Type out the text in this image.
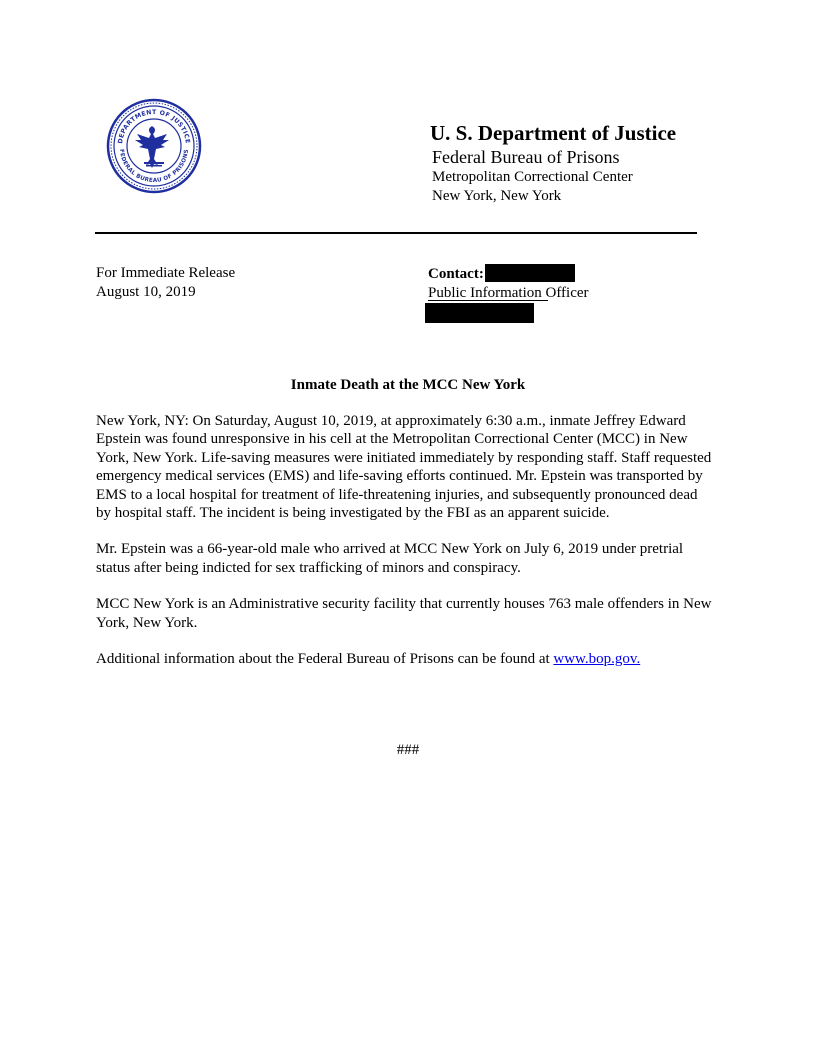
DEPARTMENT OF JUSTICE
FEDERAL BUREAU OF PRISONS
U. S. Department of Justice
Federal Bureau of Prisons
Metropolitan Correctional Center
New York, New York
For Immediate Release
August 10, 2019
Contact:
Public Information Officer
Inmate Death at the MCC New York

New York, NY: On Saturday, August 10, 2019, at approximately 6:30 a.m., inmate Jeffrey Edward Epstein was found unresponsive in his cell at the Metropolitan Correctional Center (MCC) in New York, New York. Life-saving measures were initiated immediately by responding staff. Staff requested emergency medical services (EMS) and life-saving efforts continued. Mr. Epstein was transported by EMS to a local hospital for treatment of life-threatening injuries, and subsequently pronounced dead by hospital staff. The incident is being investigated by the FBI as an apparent suicide.

Mr. Epstein was a 66-year-old male who arrived at MCC New York on July 6, 2019 under pretrial status after being indicted for sex trafficking of minors and conspiracy.

MCC New York is an Administrative security facility that currently houses 763 male offenders in New York, New York.

Additional information about the Federal Bureau of Prisons can be found at www.bop.gov.

###
